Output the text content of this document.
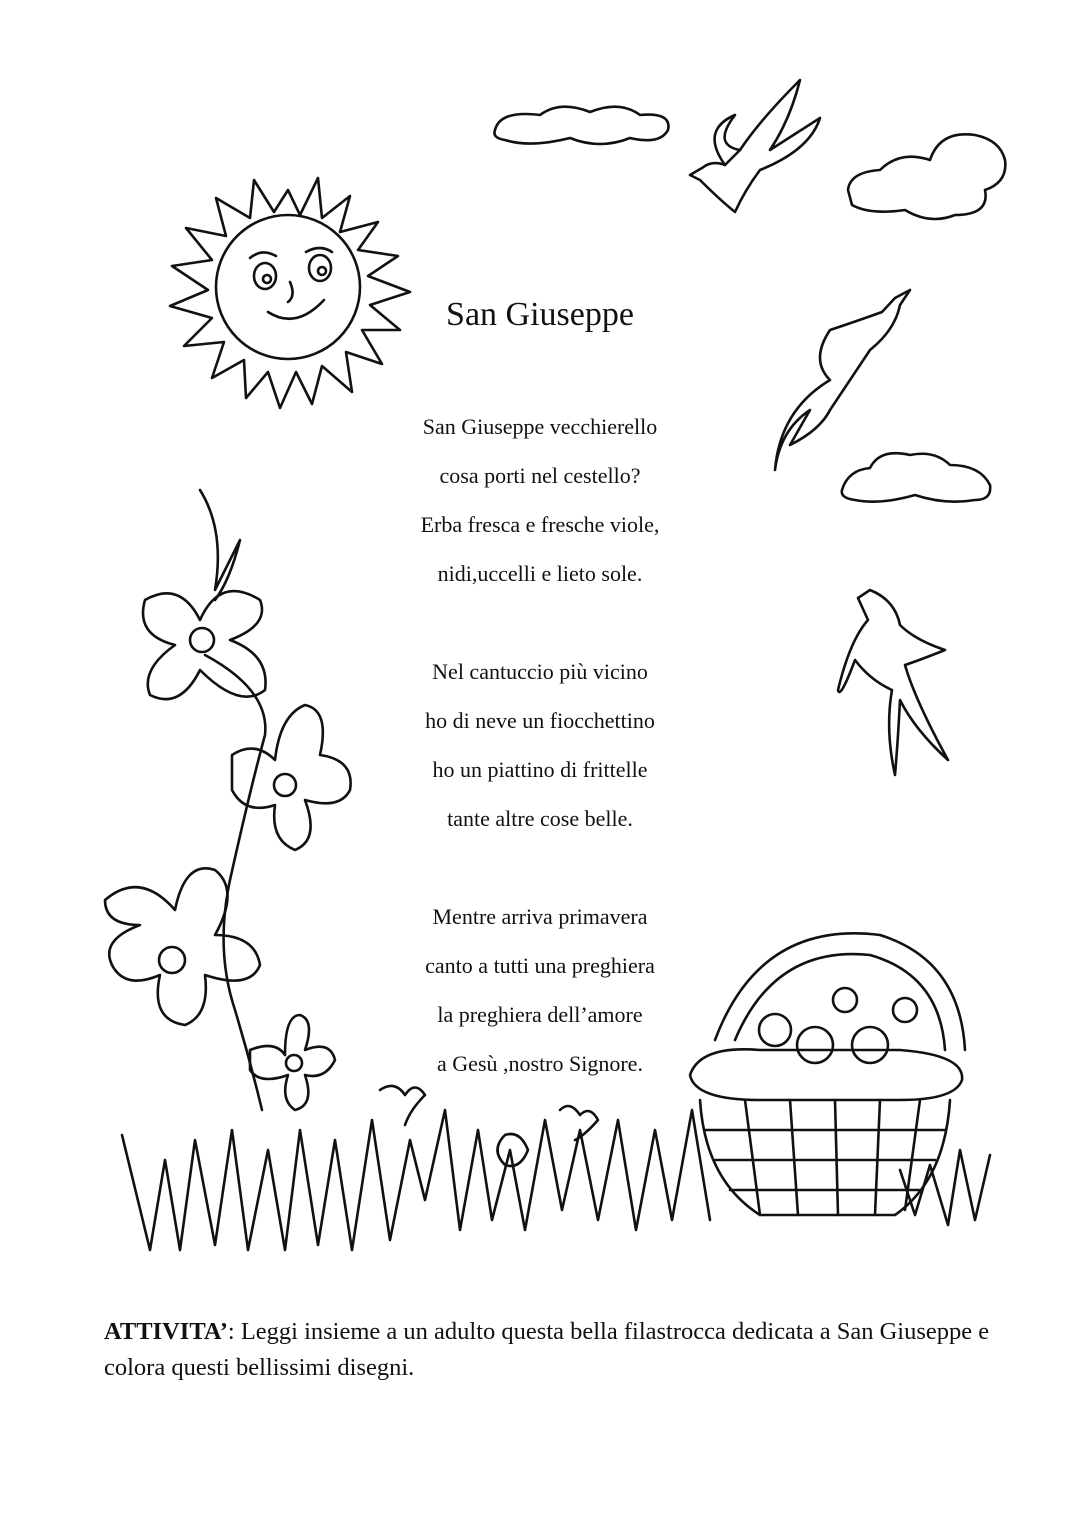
San Giuseppe
San Giuseppe vecchierello
cosa porti nel cestello?
Erba fresca e fresche viole,
nidi,uccelli e lieto sole.
Nel cantuccio più vicino
ho di neve un fiocchettino
ho un piattino di frittelle
tante altre cose belle.
Mentre arriva primavera
canto a tutti una preghiera
la preghiera dell’amore
a Gesù ,nostro Signore.
ATTIVITA’: Leggi insieme a un adulto questa bella filastrocca dedicata a San Giuseppe e colora questi bellissimi disegni.
